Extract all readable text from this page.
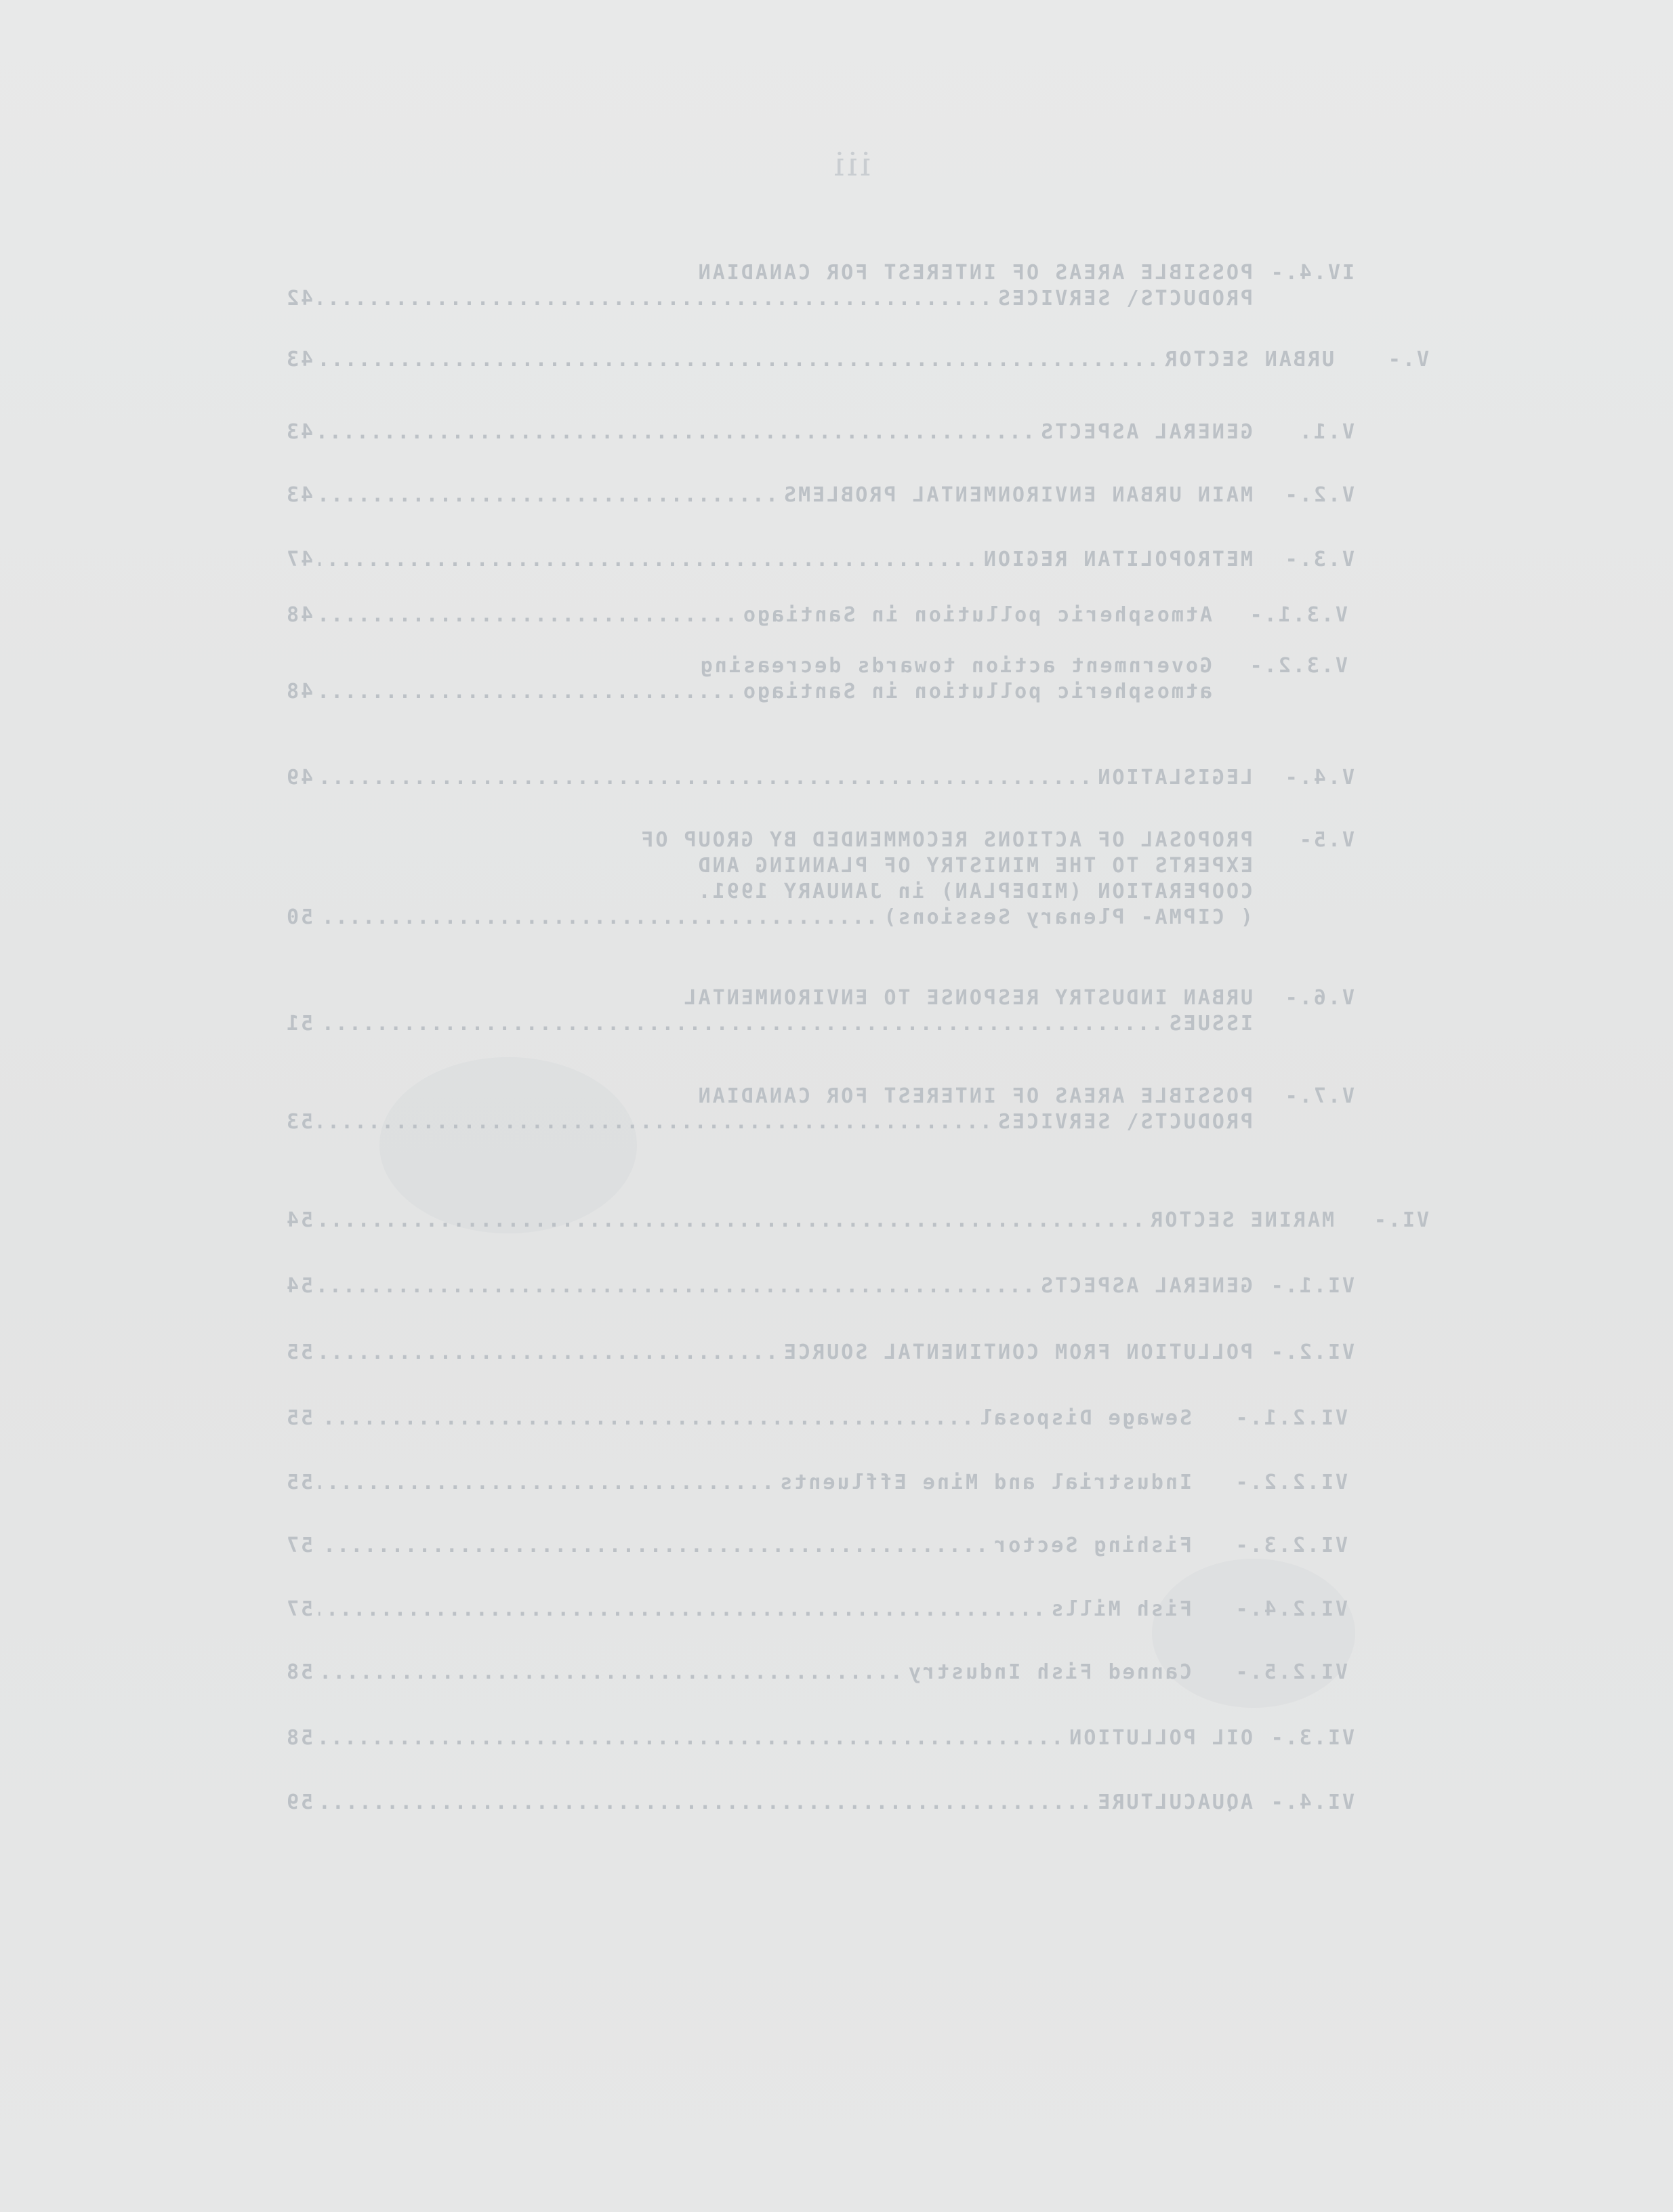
iii
IV.4.-
POSSIBLE AREAS OF INTEREST FOR CANADIAN
PRODUCTS\ SERVICES
.....
42
V.-
URBAN SECTOR
.....
43
V.1.
GENERAL ASPECTS
.....
43
V.2.-
MAIN URBAN ENVIRONMENTAL PROBLEMS
.....
43
V.3.-
METROPOLITAN REGION
.....
47
V.3.1.-
Atmospheric pollution in Santiago
.....
48
V.3.2.-
Government action towards decreasing
atmospheric pollution in Santiago
.....
48
V.4.-
LEGISLATION
.....
49
V.5-
PROPOSAL OF ACTIONS RECOMMENDED BY GROUP OF
EXPERTS TO THE MINISTRY OF PLANNING AND
COOPERATION (MIDEPLAN) in JANUARY 1991.
( CIPMA- Plenary Sessions)
.....
50
V.6.-
URBAN INDUSTRY RESPONSE TO ENVIRONMENTAL
ISSUES
.....
51
V.7.-
POSSIBLE AREAS OF INTEREST FOR CANADIAN
PRODUCTS\ SERVICES
.....
53
VI.-
MARINE SECTOR
.....
54
VI.1.-
GENERAL ASPECTS
.....
54
VI.2.-
POLLUTION FROM CONTINENTAL SOURCE
.....
55
VI.2.1.-
Sewage Disposal
.....
55
VI.2.2.-
Industrial and Mine Effluents
.....
55
VI.2.3.-
Fishing Sector
.....
57
VI.2.4.-
Fish Mills
.....
57
VI.2.5.-
Canned Fish Industry
.....
58
VI.3.-
OIL POLLUTION
.....
58
VI.4.-
AQUACULTURE
.....
59
